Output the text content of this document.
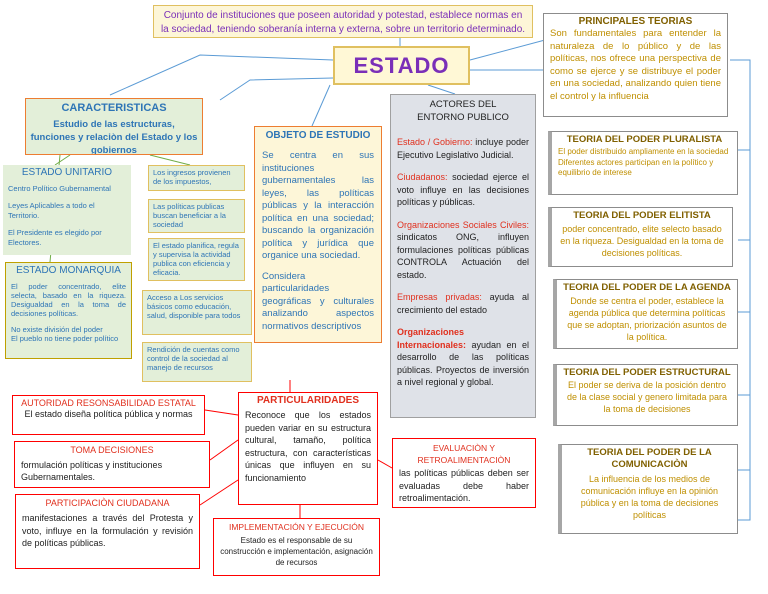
Conjunto de instituciones que poseen autoridad y potestad, establece normas en la sociedad, teniendo soberanía interna y externa, sobre un territorio determinado.
ESTADO
CARACTERISTICAS
Estudio de las estructuras, funciones y relaciòn del Estado y los gobiernos
ESTADO UNITARIO
Centro Político Gubernamental
Leyes Aplicables a todo el Territorio.
El Presidente es elegido por Electores.
ESTADO MONARQUIA
El poder concentrado, elite selecta, basado en la riqueza. Desigualdad en la toma de decisiones políticas.
No existe división del poder
El pueblo no tiene poder político
Los ingresos provienen de los impuestos,
Las políticas publicas buscan beneficiar a la sociedad
El estado planifica, regula y supervisa la actividad publica con eficiencia y eficacia.
Acceso a Los servicios básicos como educación, salud, disponible para todos
Rendición de cuentas como control de la sociedad al manejo de recursos
OBJETO DE ESTUDIO
Se centra en sus instituciones gubernamentales las leyes, las políticas públicas y la interacción política en una sociedad; buscando la organización política y jurídica que organice una sociedad.
Considera particularidades geográficas y culturales analizando aspectos normativos descriptivos
ACTORES DEL ENTORNO PUBLICO
Estado / Gobierno: incluye poder Ejecutivo Legislativo Judicial.
Ciudadanos: sociedad ejerce el voto influye en las decisiones políticas y públicas.
Organizaciones Sociales Civiles: sindicatos ONG, influyen formulaciones políticas públicas CONTROLA Actuación del estado.
Empresas privadas: ayuda al crecimiento del estado
Organizaciones Internacionales: ayudan en el desarrollo de las políticas públicas. Proyectos de inversión a nivel regional y global.
PRINCIPALES TEORIAS
Son fundamentales para entender la naturaleza de lo público y de las políticas, nos ofrece una perspectiva de como se ejerce y se distribuye el poder en una sociedad, analizando quien tiene el control y la influencia
TEORIA DEL PODER PLURALISTA
El poder distribuido ampliamente en la sociedad
Diferentes actores participan en la político y equilibrio de interese
TEORIA DEL PODER ELITISTA
poder concentrado, elite selecto basado en la riqueza. Desigualdad en la toma de decisiones políticas.
TEORIA DEL PODER DE LA AGENDA
Donde se centra el poder, establece la agenda pública que determina políticas que se adoptan, priorización asuntos de la política.
TEORIA DEL PODER ESTRUCTURAL
El poder se deriva de la posición dentro de la clase social y genero limitada para la toma de decisiones
TEORIA DEL PODER DE LA COMUNICACIÒN
La influencia de los medios de comunicación influye en la opinión pública y en la toma de decisiones políticas
PARTICULARIDADES
Reconoce que los estados pueden variar en su estructura cultural, tamaño, política estructura, con características únicas que influyen en su funcionamiento
AUTORIDAD RESONSABILIDAD ESTATAL
El estado diseña política pública y normas
TOMA DECISIONES
formulación políticas y instituciones Gubernamentales.
PARTICIPACIÒN CIUDADANA
manifestaciones a través del Protesta y voto, influye en la formulación y revisión de políticas públicas.
IMPLEMENTACIÓN Y EJECUCIÓN
Estado es el responsable de su construcción e implementación, asignación de recursos
EVALUACIÒN Y RETROALIMENTACIÒN
las políticas públicas deben ser evaluadas debe haber retroalimentación.
